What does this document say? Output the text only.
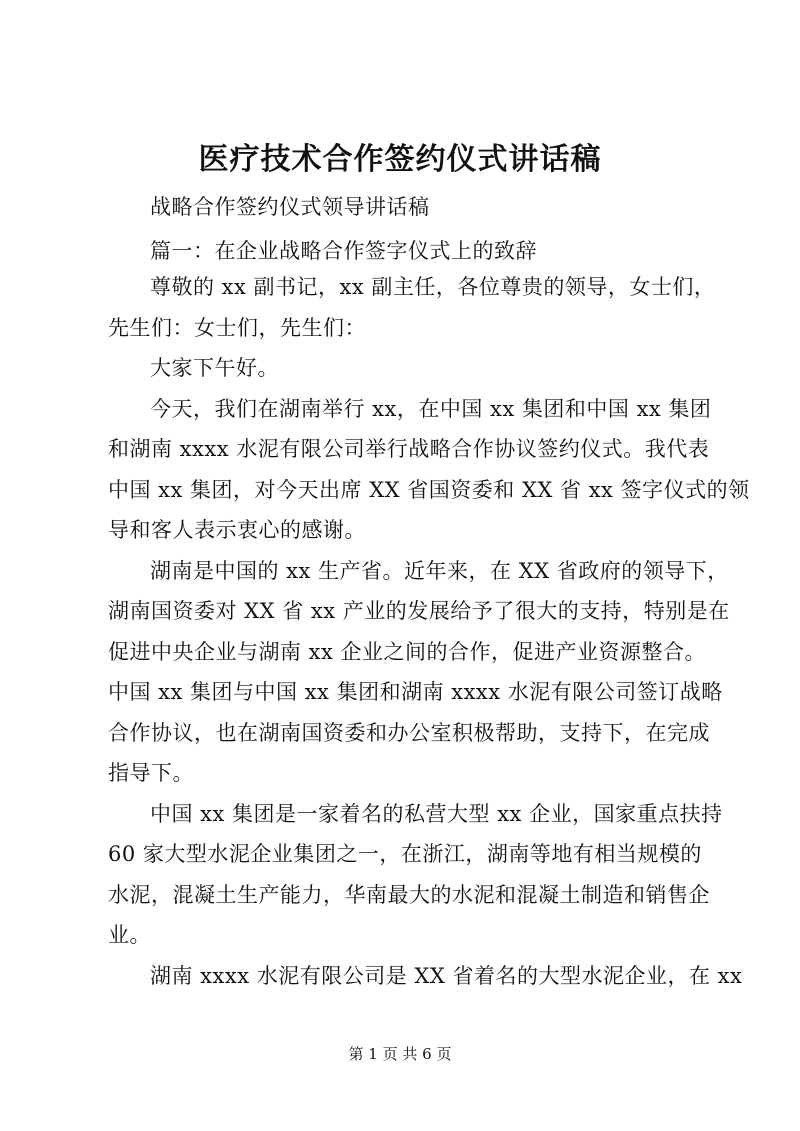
医疗技术合作签约仪式讲话稿
战略合作签约仪式领导讲话稿
篇一：在企业战略合作签字仪式上的致辞
尊敬的 xx 副书记，xx 副主任，各位尊贵的领导，女士们，
先生们：女士们，先生们：
大家下午好。
今天，我们在湖南举行 xx，在中国 xx 集团和中国 xx 集团
和湖南 xxxx 水泥有限公司举行战略合作协议签约仪式。我代表
中国 xx 集团，对今天出席 XX 省国资委和 XX 省 xx 签字仪式的领
导和客人表示衷心的感谢。
湖南是中国的 xx 生产省。近年来，在 XX 省政府的领导下，
湖南国资委对 XX 省 xx 产业的发展给予了很大的支持，特别是在
促进中央企业与湖南 xx 企业之间的合作，促进产业资源整合。
中国 xx 集团与中国 xx 集团和湖南 xxxx 水泥有限公司签订战略
合作协议，也在湖南国资委和办公室积极帮助，支持下，在完成
指导下。
中国 xx 集团是一家着名的私营大型 xx 企业，国家重点扶持
60 家大型水泥企业集团之一，在浙江，湖南等地有相当规模的
水泥，混凝土生产能力，华南最大的水泥和混凝土制造和销售企
业。
湖南 xxxx 水泥有限公司是 XX 省着名的大型水泥企业，在 xx
第 1 页 共 6 页
